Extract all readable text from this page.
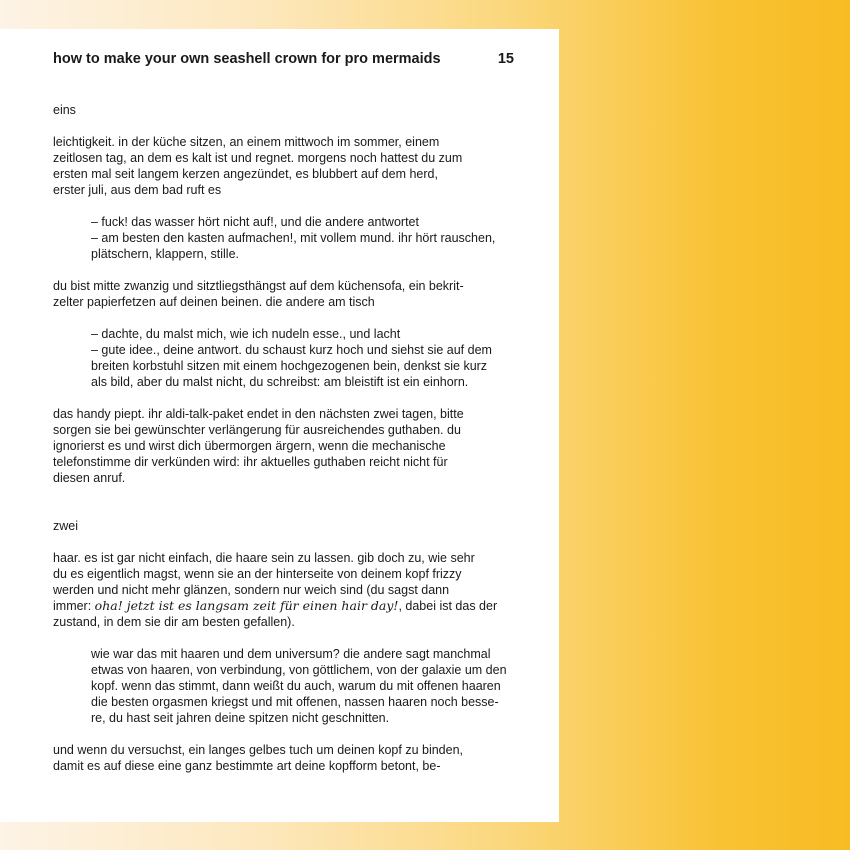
how to make your own seashell crown for pro mermaids	15

eins

leichtigkeit. in der küche sitzen, an einem mittwoch im sommer, einem
zeitlosen tag, an dem es kalt ist und regnet. morgens noch hattest du zum
ersten mal seit langem kerzen angezündet, es blubbert auf dem herd,
erster juli, aus dem bad ruft es

– fuck! das wasser hört nicht auf!, und die andere antwortet
– am besten den kasten aufmachen!, mit vollem mund. ihr hört rauschen,
plätschern, klappern, stille.

du bist mitte zwanzig und sitztliegsthängst auf dem küchensofa, ein bekrit-
zelter papierfetzen auf deinen beinen. die andere am tisch

– dachte, du malst mich, wie ich nudeln esse., und lacht
– gute idee., deine antwort. du schaust kurz hoch und siehst sie auf dem
breiten korbstuhl sitzen mit einem hochgezogenen bein, denkst sie kurz
als bild, aber du malst nicht, du schreibst: am bleistift ist ein einhorn.

das handy piept. ihr aldi-talk-paket endet in den nächsten zwei tagen, bitte
sorgen sie bei gewünschter verlängerung für ausreichendes guthaben. du
ignorierst es und wirst dich übermorgen ärgern, wenn die mechanische
telefonstimme dir verkünden wird: ihr aktuelles guthaben reicht nicht für
diesen anruf.

zwei

haar. es ist gar nicht einfach, die haare sein zu lassen. gib doch zu, wie sehr
du es eigentlich magst, wenn sie an der hinterseite von deinem kopf frizzy
werden und nicht mehr glänzen, sondern nur weich sind (du sagst dann
immer: oha! jetzt ist es langsam zeit für einen hair day!, dabei ist das der
zustand, in dem sie dir am besten gefallen).

wie war das mit haaren und dem universum? die andere sagt manchmal
etwas von haaren, von verbindung, von göttlichem, von der galaxie um den
kopf. wenn das stimmt, dann weißt du auch, warum du mit offenen haaren
die besten orgasmen kriegst und mit offenen, nassen haaren noch besse-
re, du hast seit jahren deine spitzen nicht geschnitten.

und wenn du versuchst, ein langes gelbes tuch um deinen kopf zu binden,
damit es auf diese eine ganz bestimmte art deine kopfform betont, be-
